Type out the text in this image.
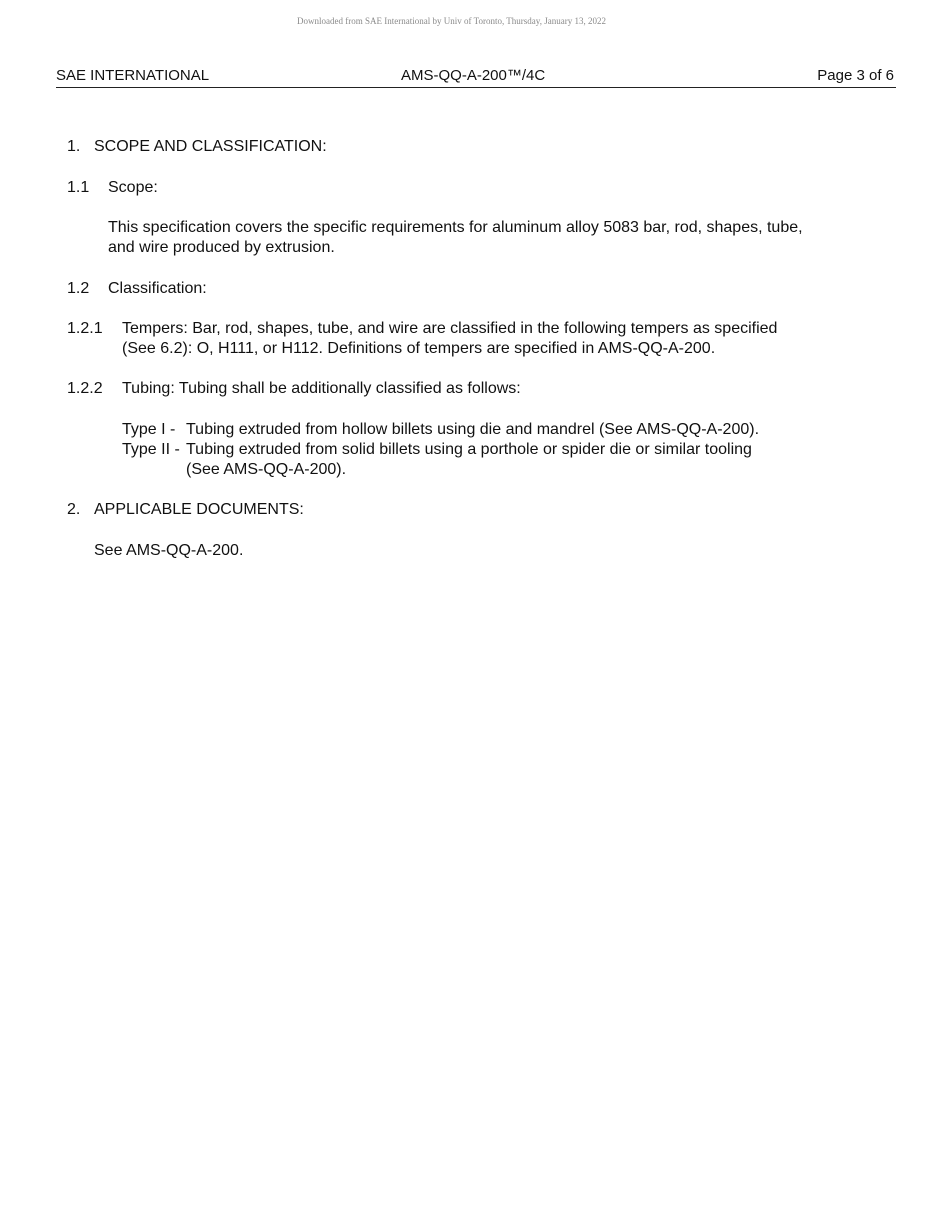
Downloaded from SAE International by Univ of Toronto, Thursday, January 13, 2022
SAE INTERNATIONAL	AMS-QQ-A-200™/4C	Page 3 of 6
1. SCOPE AND CLASSIFICATION:
1.1 Scope:
This specification covers the specific requirements for aluminum alloy 5083 bar, rod, shapes, tube,
and wire produced by extrusion.
1.2 Classification:
1.2.1 Tempers: Bar, rod, shapes, tube, and wire are classified in the following tempers as specified
(See 6.2): O, H111, or H112. Definitions of tempers are specified in AMS-QQ-A-200.
1.2.2 Tubing: Tubing shall be additionally classified as follows:
Type I - Tubing extruded from hollow billets using die and mandrel (See AMS-QQ-A-200).
Type II - Tubing extruded from solid billets using a porthole or spider die or similar tooling
(See AMS-QQ-A-200).
2. APPLICABLE DOCUMENTS:
See AMS-QQ-A-200.
